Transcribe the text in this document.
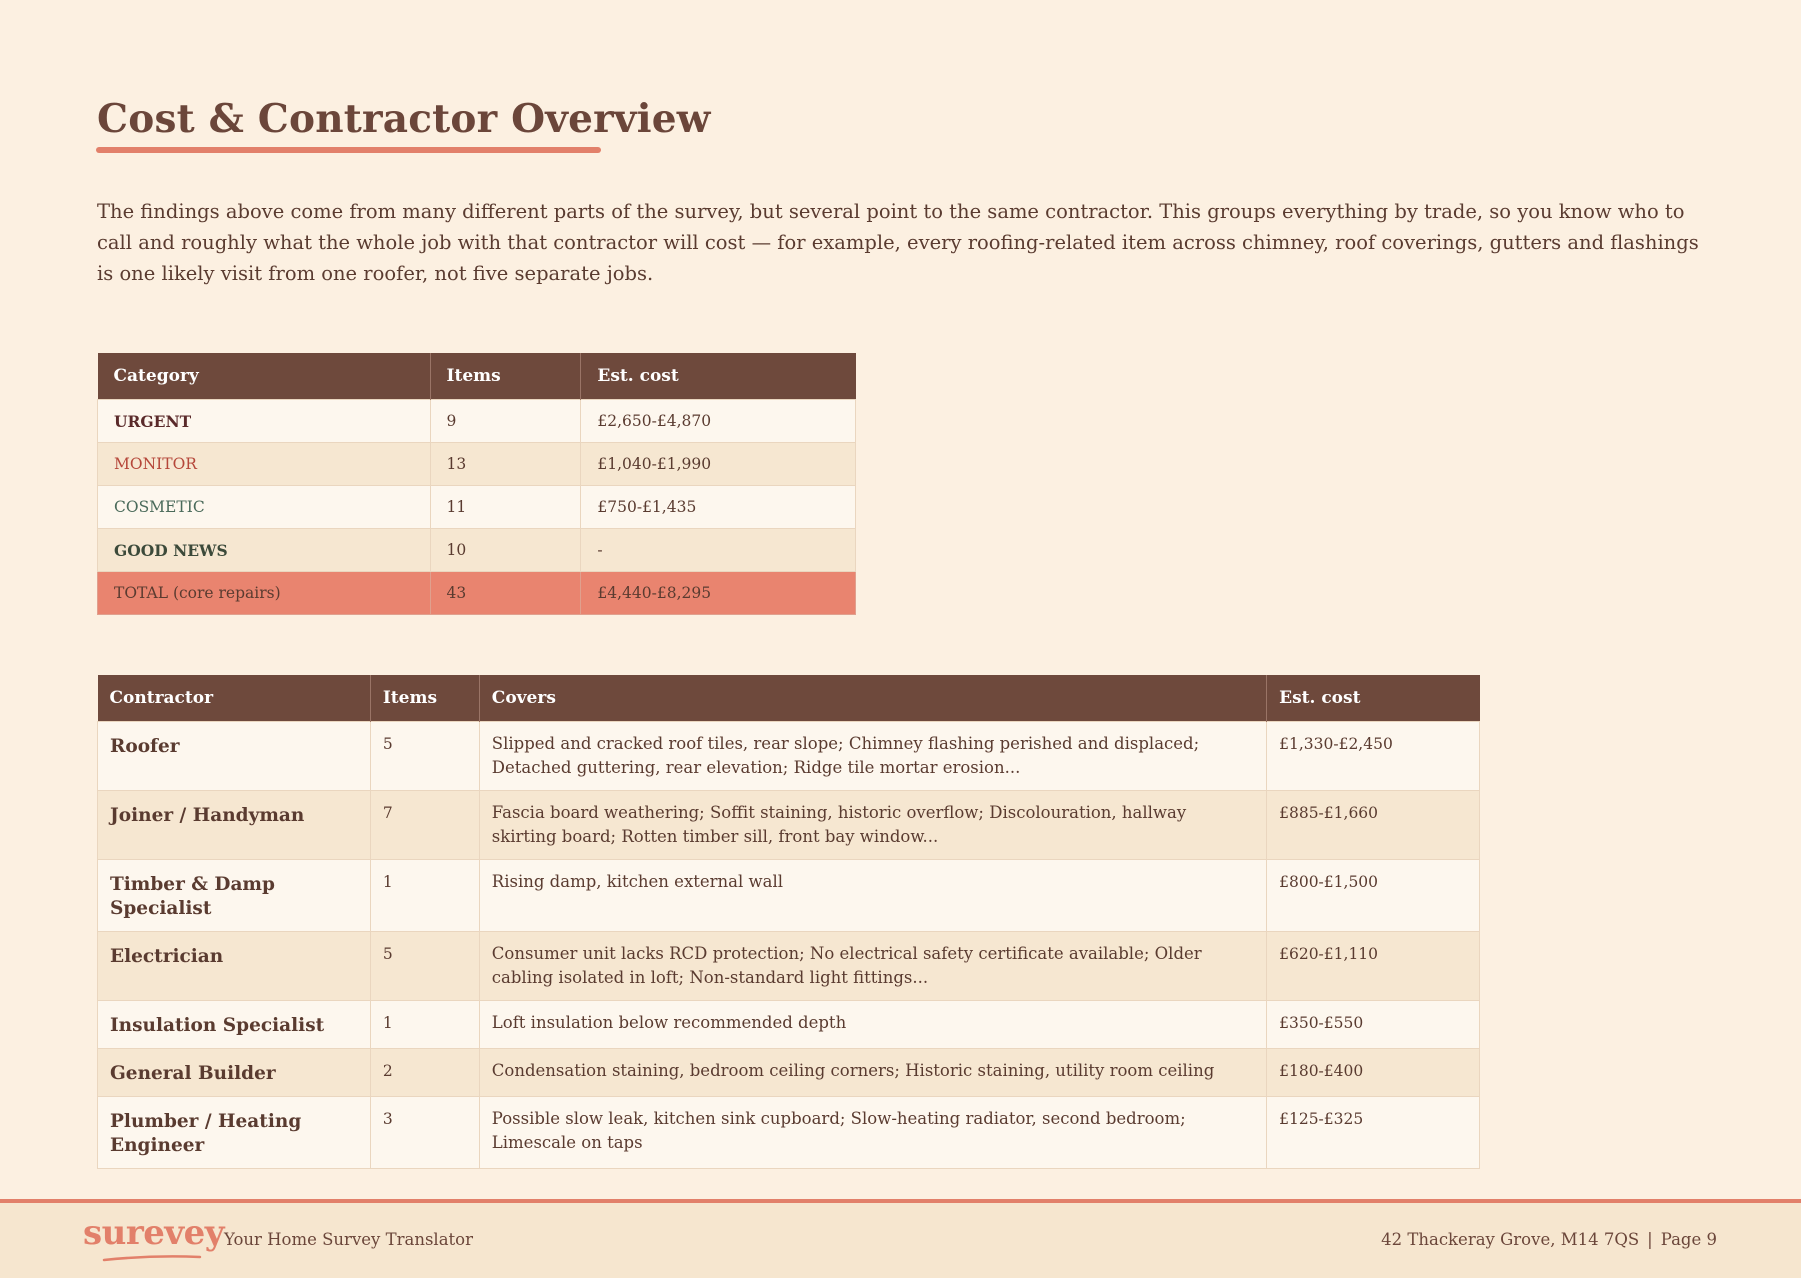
Cost & Contractor Overview

The findings above come from many different parts of the survey, but several point to the same contractor. This groups everything by trade, so you know who to call and roughly what the whole job with that contractor will cost — for example, every roofing-related item across chimney, roof coverings, gutters and flashings is one likely visit from one roofer, not five separate jobs.

Category	Items	Est. cost
URGENT	9	£2,650-£4,870
MONITOR	13	£1,040-£1,990
COSMETIC	11	£750-£1,435
GOOD NEWS	10	-
TOTAL (core repairs)	43	£4,440-£8,295
Contractor	Items	Covers	Est. cost
Roofer	5	Slipped and cracked roof tiles, rear slope; Chimney flashing perished and displaced; Detached guttering, rear elevation; Ridge tile mortar erosion...	£1,330-£2,450
Joiner / Handyman	7	Fascia board weathering; Soffit staining, historic overflow; Discolouration, hallway skirting board; Rotten timber sill, front bay window...	£885-£1,660
Timber & Damp Specialist	1	Rising damp, kitchen external wall	£800-£1,500
Electrician	5	Consumer unit lacks RCD protection; No electrical safety certificate available; Older cabling isolated in loft; Non-standard light fittings...	£620-£1,110
Insulation Specialist	1	Loft insulation below recommended depth	£350-£550
General Builder	2	Condensation staining, bedroom ceiling corners; Historic staining, utility room ceiling	£180-£400
Plumber / Heating Engineer	3	Possible slow leak, kitchen sink cupboard; Slow-heating radiator, second bedroom; Limescale on taps	£125-£325
surevey Your Home Survey Translator	42 Thackeray Grove, M14 7QS | Page 9
